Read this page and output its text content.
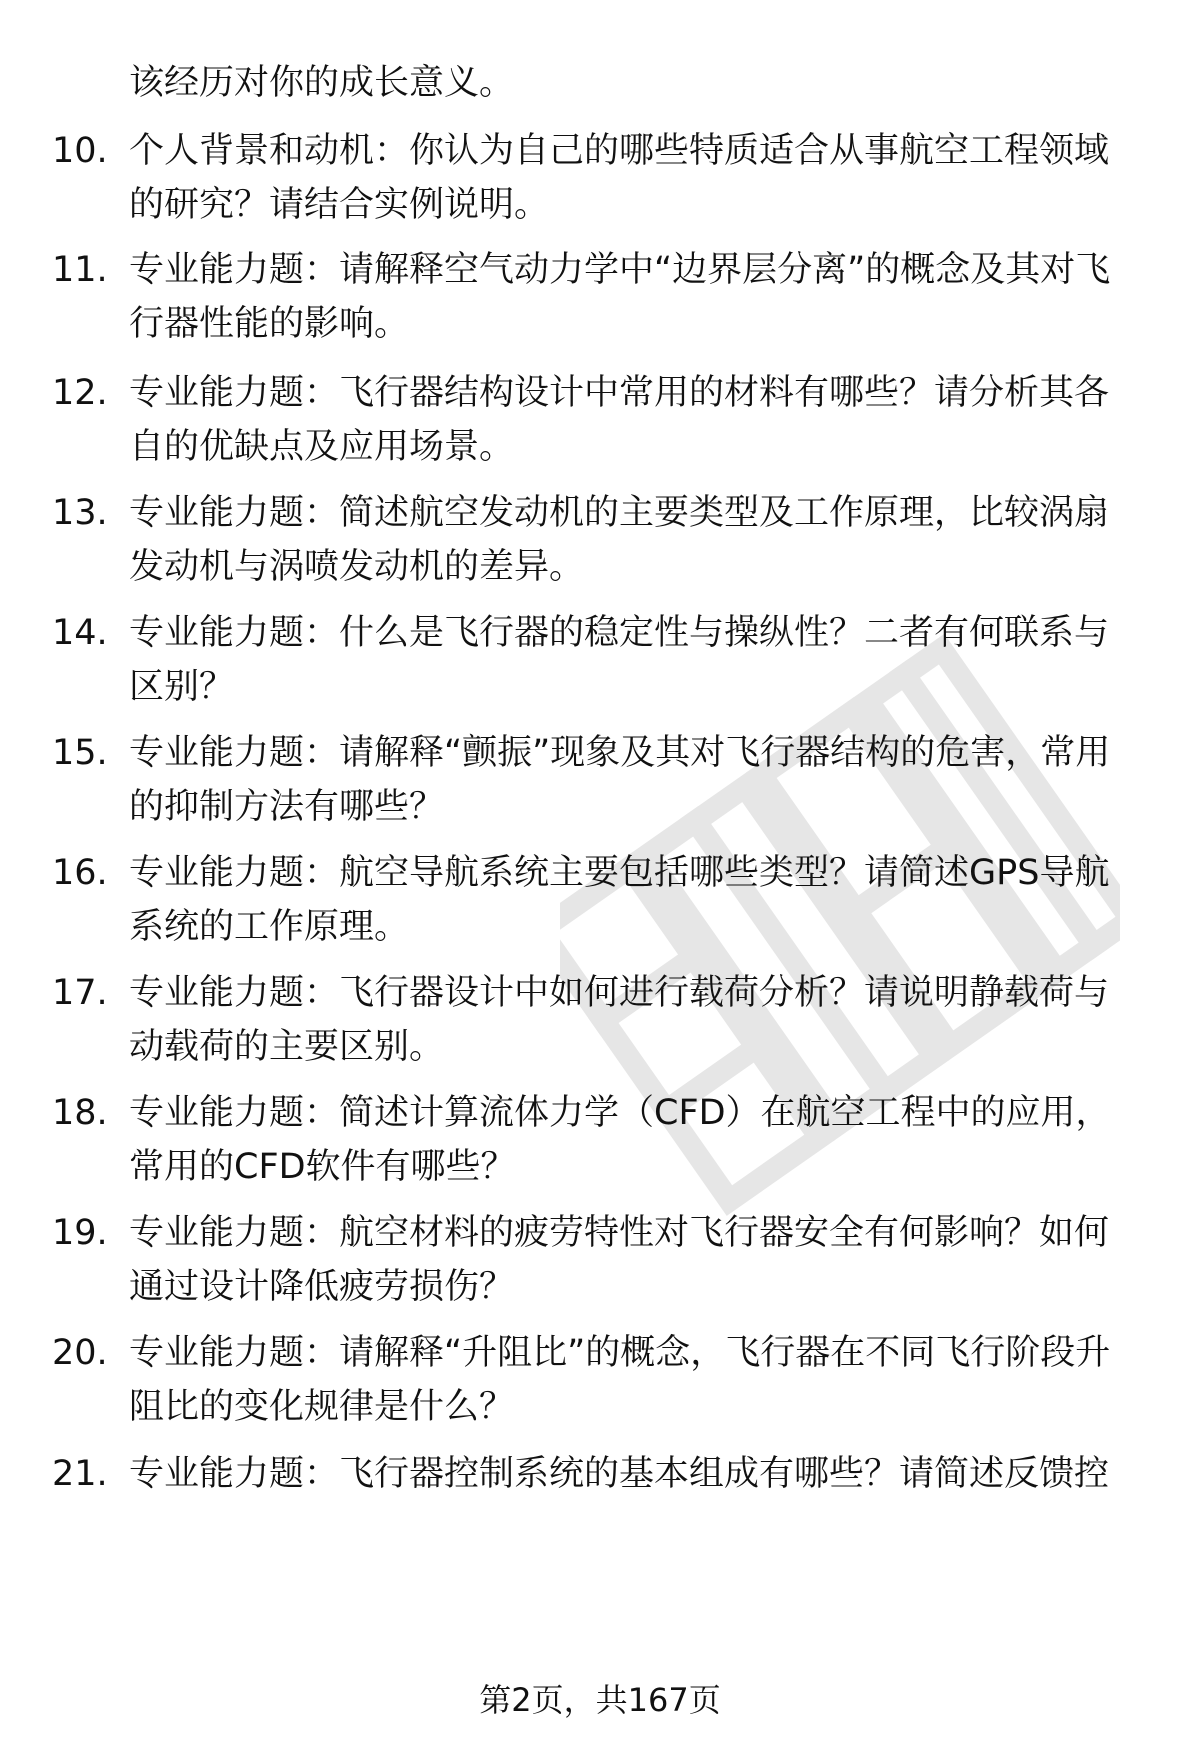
该经历对你的成长意义。
10. 个人背景和动机：你认为自己的哪些特质适合从事航空工程领域的研究？请结合实例说明。
11. 专业能力题：请解释空气动力学中“边界层分离”的概念及其对飞行器性能的影响。
12. 专业能力题：飞行器结构设计中常用的材料有哪些？请分析其各自的优缺点及应用场景。
13. 专业能力题：简述航空发动机的主要类型及工作原理，比较涡扇发动机与涡喷发动机的差异。
14. 专业能力题：什么是飞行器的稳定性与操纵性？二者有何联系与区别？
15. 专业能力题：请解释“颤振”现象及其对飞行器结构的危害，常用的抑制方法有哪些？
16. 专业能力题：航空导航系统主要包括哪些类型？请简述GPS导航系统的工作原理。
17. 专业能力题：飞行器设计中如何进行载荷分析？请说明静载荷与动载荷的主要区别。
18. 专业能力题：简述计算流体力学（CFD）在航空工程中的应用，常用的CFD软件有哪些？
19. 专业能力题：航空材料的疲劳特性对飞行器安全有何影响？如何通过设计降低疲劳损伤？
20. 专业能力题：请解释“升阻比”的概念，飞行器在不同飞行阶段升阻比的变化规律是什么？
21. 专业能力题：飞行器控制系统的基本组成有哪些？请简述反馈控
第2页，共167页
